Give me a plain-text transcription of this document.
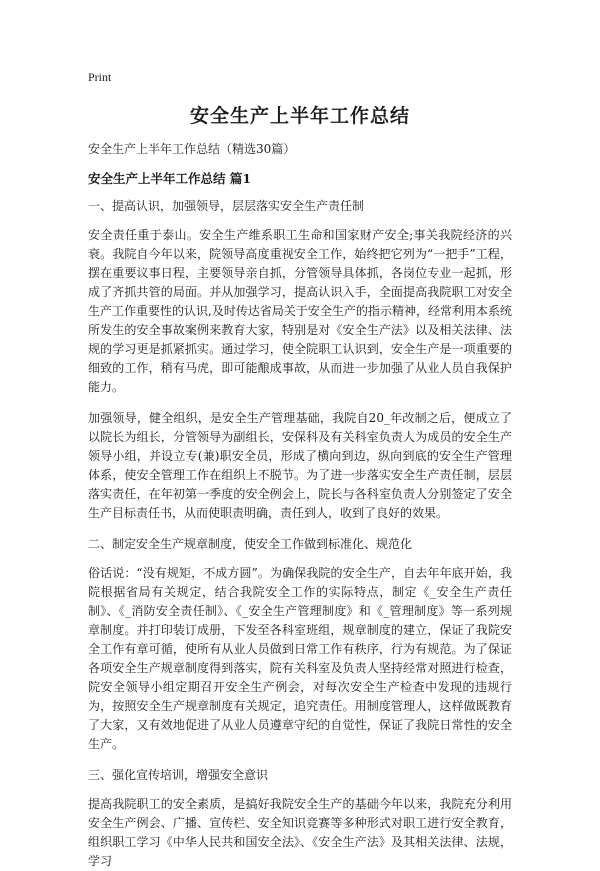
Print
安全生产上半年工作总结

安全生产上半年工作总结（精选30篇）

安全生产上半年工作总结 篇1

一、提高认识，加强领导，层层落实安全生产责任制

安全责任重于泰山。安全生产维系职工生命和国家财产安全;事关我院经济的兴衰。我院自今年以来，院领导高度重视安全工作，始终把它列为“一把手”工程，摆在重要议事日程，主要领导亲自抓，分管领导具体抓，各岗位专业一起抓，形成了齐抓共管的局面。并从加强学习，提高认识入手，全面提高我院职工对安全生产工作重要性的认识,及时传达省局关于安全生产的指示精神，经常利用本系统所发生的安全事故案例来教育大家，特别是对《安全生产法》以及相关法律、法规的学习更是抓紧抓实。通过学习，使全院职工认识到，安全生产是一项重要的细致的工作，稍有马虎，即可能酿成事故，从而进一步加强了从业人员自我保护能力。

加强领导，健全组织，是安全生产管理基础，我院自20_年改制之后，便成立了以院长为组长，分管领导为副组长，安保科及有关科室负责人为成员的安全生产领导小组，并设立专(兼)职安全员，形成了横向到边，纵向到底的安全生产管理体系，使安全管理工作在组织上不脱节。为了进一步落实安全生产责任制，层层落实责任，在年初第一季度的安全例会上，院长与各科室负责人分别签定了安全生产目标责任书，从而使职责明确，责任到人，收到了良好的效果。

二、制定安全生产规章制度，使安全工作做到标准化、规范化

俗话说：“没有规矩，不成方圆”。为确保我院的安全生产，自去年年底开始，我院根据省局有关规定，结合我院安全工作的实际特点，制定《_安全生产责任制》、《_消防安全责任制》、《_安全生产管理制度》和《_管理制度》等一系列规章制度。并打印装订成册，下发至各科室班组，规章制度的建立，保证了我院安全工作有章可循，使所有从业人员做到日常工作有秩序，行为有规范。为了保证各项安全生产规章制度得到落实，院有关科室及负责人坚持经常对照进行检查，院安全领导小组定期召开安全生产例会，对每次安全生产检查中发现的违规行为，按照安全生产规章制度有关规定，追究责任。用制度管理人，这样做既教育了大家，又有效地促进了从业人员遵章守纪的自觉性，保证了我院日常性的安全生产。

三、强化宣传培训，增强安全意识

提高我院职工的安全素质，是搞好我院安全生产的基础今年以来，我院充分利用安全生产例会、广播、宣传栏、安全知识竞赛等多种形式对职工进行安全教育，组织职工学习《中华人民共和国安全法》、《安全生产法》及其相关法律、法规，学习
